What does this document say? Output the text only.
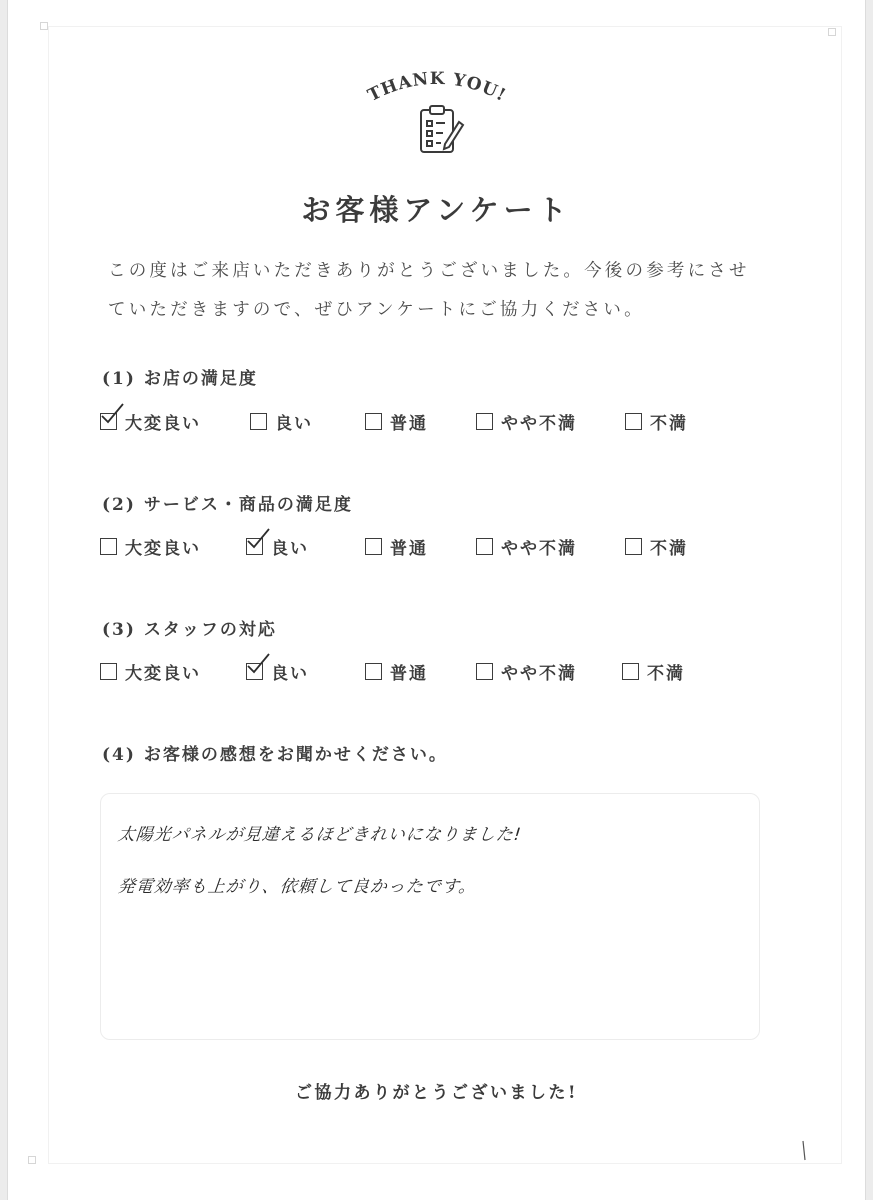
THANK YOU!
お客様アンケート
この度はご来店いただきありがとうございました。今後の参考にさせ
ていただきますので、ぜひアンケートにご協力ください。
(1) お店の満足度
大変良い	良い	普通	やや不満	不満
(2) サービス・商品の満足度
大変良い	良い	普通	やや不満	不満
(3) スタッフの対応
大変良い	良い	普通	やや不満	不満
(4) お客様の感想をお聞かせください。
太陽光パネルが見違えるほどきれいになりました!
発電効率も上がり、依頼して良かったです。
ご協力ありがとうございました!
